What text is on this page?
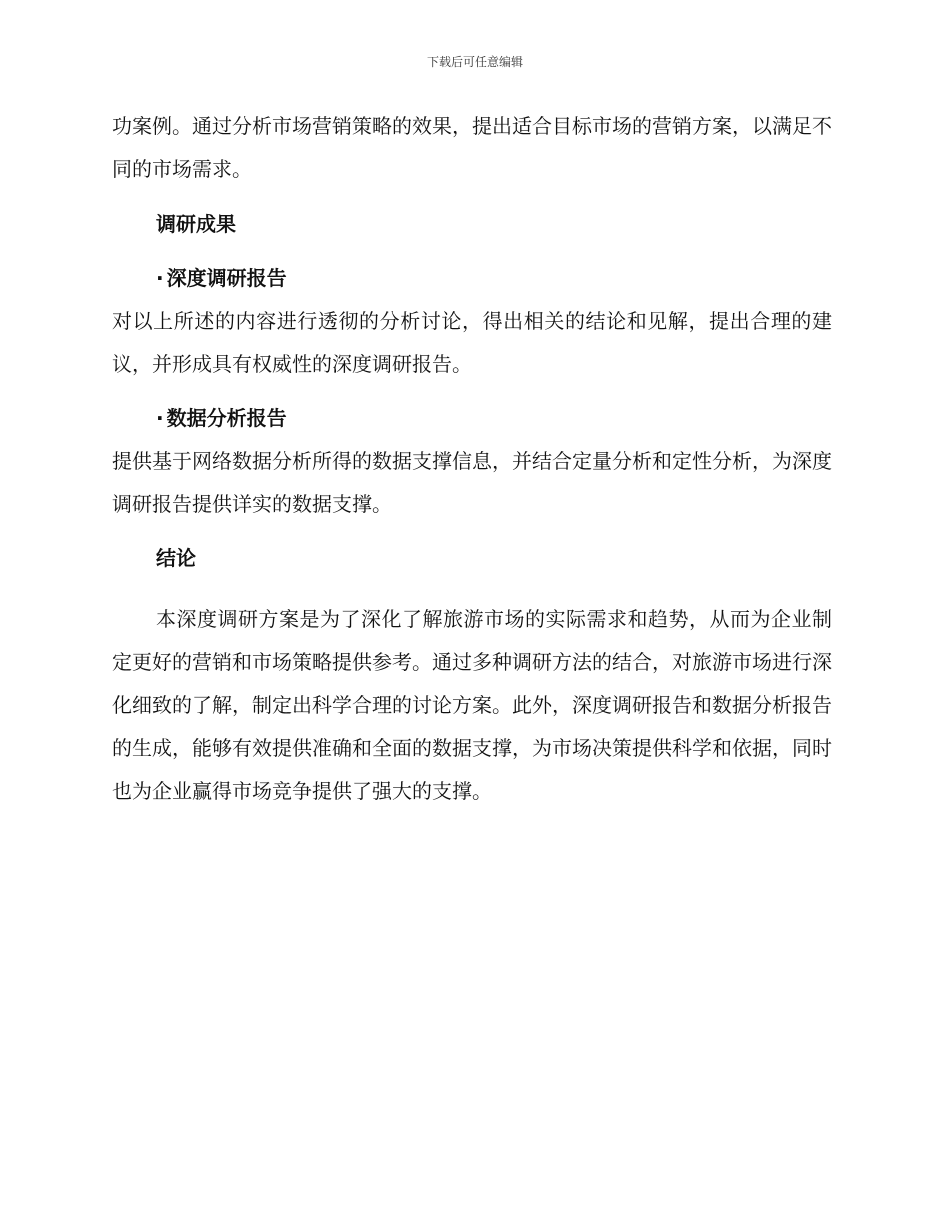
下载后可任意编辑

功案例。通过分析市场营销策略的效果，提出适合目标市场的营销方案，以满足不同的市场需求。

调研成果
· 深度调研报告

对以上所述的内容进行透彻的分析讨论，得出相关的结论和见解，提出合理的建议，并形成具有权威性的深度调研报告。

· 数据分析报告

提供基于网络数据分析所得的数据支撑信息，并结合定量分析和定性分析，为深度调研报告提供详实的数据支撑。

结论

本深度调研方案是为了深化了解旅游市场的实际需求和趋势，从而为企业制定更好的营销和市场策略提供参考。通过多种调研方法的结合，对旅游市场进行深化细致的了解，制定出科学合理的讨论方案。此外，深度调研报告和数据分析报告的生成，能够有效提供准确和全面的数据支撑，为市场决策提供科学和依据，同时也为企业赢得市场竞争提供了强大的支撑。
